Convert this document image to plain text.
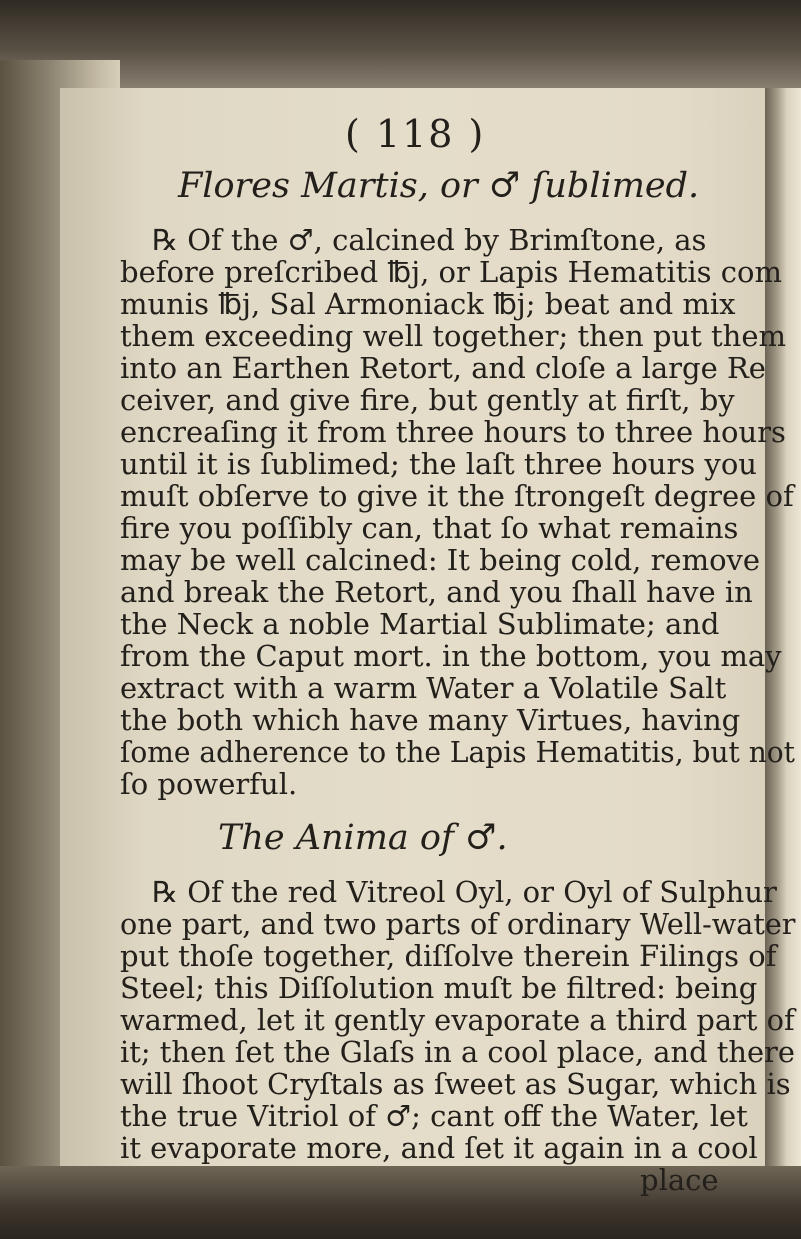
( 118 )
Flores Martis, or ♂ ſublimed.
℞ Of the ♂, calcined by Brimſtone, as
before preſcribed ℔j, or Lapis Hematitis com
munis ℔j, Sal Armoniack ℔j; beat and mix
them exceeding well together; then put them
into an Earthen Retort, and cloſe a large Re
ceiver, and give fire, but gently at firſt, by
encreaſing it from three hours to three hours
until it is ſublimed; the laſt three hours you
muſt obſerve to give it the ſtrongeſt degree of
fire you poſſibly can, that ſo what remains
may be well calcined: It being cold, remove
and break the Retort, and you ſhall have in
the Neck a noble Martial Sublimate; and
from the Caput mort. in the bottom, you may
extract with a warm Water a Volatile Salt
the both which have many Virtues, having
ſome adherence to the Lapis Hematitis, but not
ſo powerful.
The Anima of ♂.
℞ Of the red Vitreol Oyl, or Oyl of Sulphur
one part, and two parts of ordinary Well-water
put thoſe together, diſſolve therein Filings of
Steel; this Diſſolution muſt be filtred: being
warmed, let it gently evaporate a third part of
it; then ſet the Glaſs in a cool place, and there
will ſhoot Cryſtals as ſweet as Sugar, which is
the true Vitriol of ♂; cant off the Water, let
it evaporate more, and ſet it again in a cool
place
